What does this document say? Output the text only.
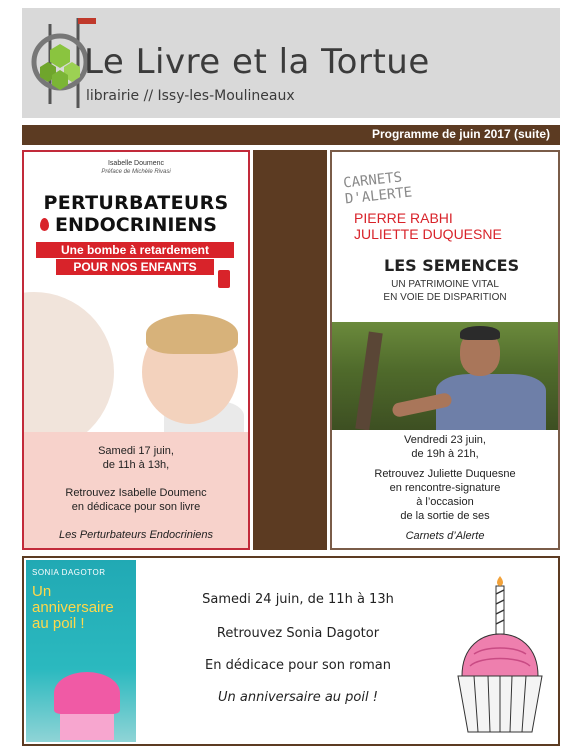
Le Livre et la Tortue
librairie // Issy-les-Moulineaux
Programme de juin 2017 (suite)
Isabelle Doumenc
Préface de Michèle Rivasi
PERTURBATEURS
ENDOCRINIENS
Une bombe à retardement
POUR NOS ENFANTS
Samedi 17 juin,
de 11h à 13h,
Retrouvez Isabelle Doumenc
en dédicace pour son livre
Les Perturbateurs Endocriniens
CARNETS
D'ALERTE
PIERRE RABHI
JULIETTE DUQUESNE
LES SEMENCES
UN PATRIMOINE VITAL
EN VOIE DE DISPARITION
Vendredi 23 juin,
de 19h à 21h,
Retrouvez Juliette Duquesne
en rencontre-signature
à l’occasion
de la sortie de ses
Carnets d’Alerte
SONIA DAGOTOR
Un
anniversaire
au poil !
Samedi 24 juin, de 11h à 13h
Retrouvez Sonia Dagotor
En dédicace pour son roman
Un anniversaire au poil !
